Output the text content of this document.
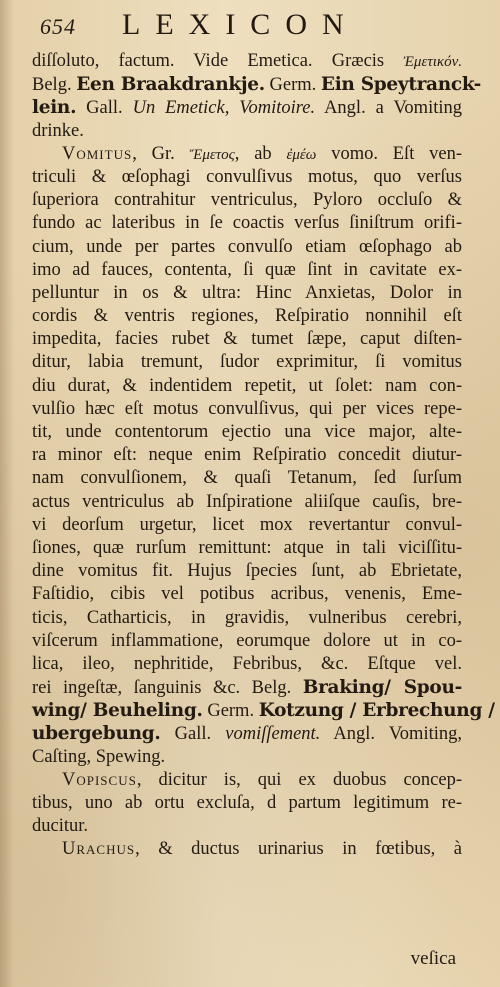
654 LEXICON
diſſoluto, factum. Vide Emetica. Græcis Ἐμετικόν.
Belg. Een Braakdrankje. Germ. Ein Speytranck-
lein. Gall. Un Emetick, Vomitoire. Angl. a Vomiting
drinke.
Vomitus, Gr. Ἔμετος, ab ἐμέω vomo. Eſt ven-
triculi & œſophagi convulſivus motus, quo verſus
ſuperiora contrahitur ventriculus, Pyloro occluſo &
fundo ac lateribus in ſe coactis verſus ſiniſtrum orifi-
cium, unde per partes convulſo etiam œſophago ab
imo ad fauces, contenta, ſi quæ ſint in cavitate ex-
pelluntur in os & ultra: Hinc Anxietas, Dolor in
cordis & ventris regiones, Reſpiratio nonnihil eſt
impedita, facies rubet & tumet ſæpe, caput diſten-
ditur, labia tremunt, ſudor exprimitur, ſi vomitus
diu durat, & indentidem repetit, ut ſolet: nam con-
vulſio hæc eſt motus convulſivus, qui per vices repe-
tit, unde contentorum ejectio una vice major, alte-
ra minor eſt: neque enim Reſpiratio concedit diutur-
nam convulſionem, & quaſi Tetanum, ſed ſurſum
actus ventriculus ab Inſpiratione aliiſque cauſis, bre-
vi deorſum urgetur, licet mox revertantur convul-
ſiones, quæ rurſum remittunt: atque in tali viciſſitu-
dine vomitus fit. Hujus ſpecies ſunt, ab Ebrietate,
Faſtidio, cibis vel potibus acribus, venenis, Eme-
ticis, Catharticis, in gravidis, vulneribus cerebri,
viſcerum inflammatione, eorumque dolore ut in co-
lica, ileo, nephritide, Febribus, &c. Eſtque vel.
rei ingeſtæ, ſanguinis &c. Belg. Braking/ Spou-
wing/ Beuheling. Germ. Kotzung / Erbrechung /
ubergebung. Gall. vomiſſement. Angl. Vomiting,
Caſting, Spewing.
Vopiscus, dicitur is, qui ex duobus concep-
tibus, uno ab ortu excluſa, d partum legitimum re-
ducitur.
Urachus, & ductus urinarius in fœtibus, à
veſica
